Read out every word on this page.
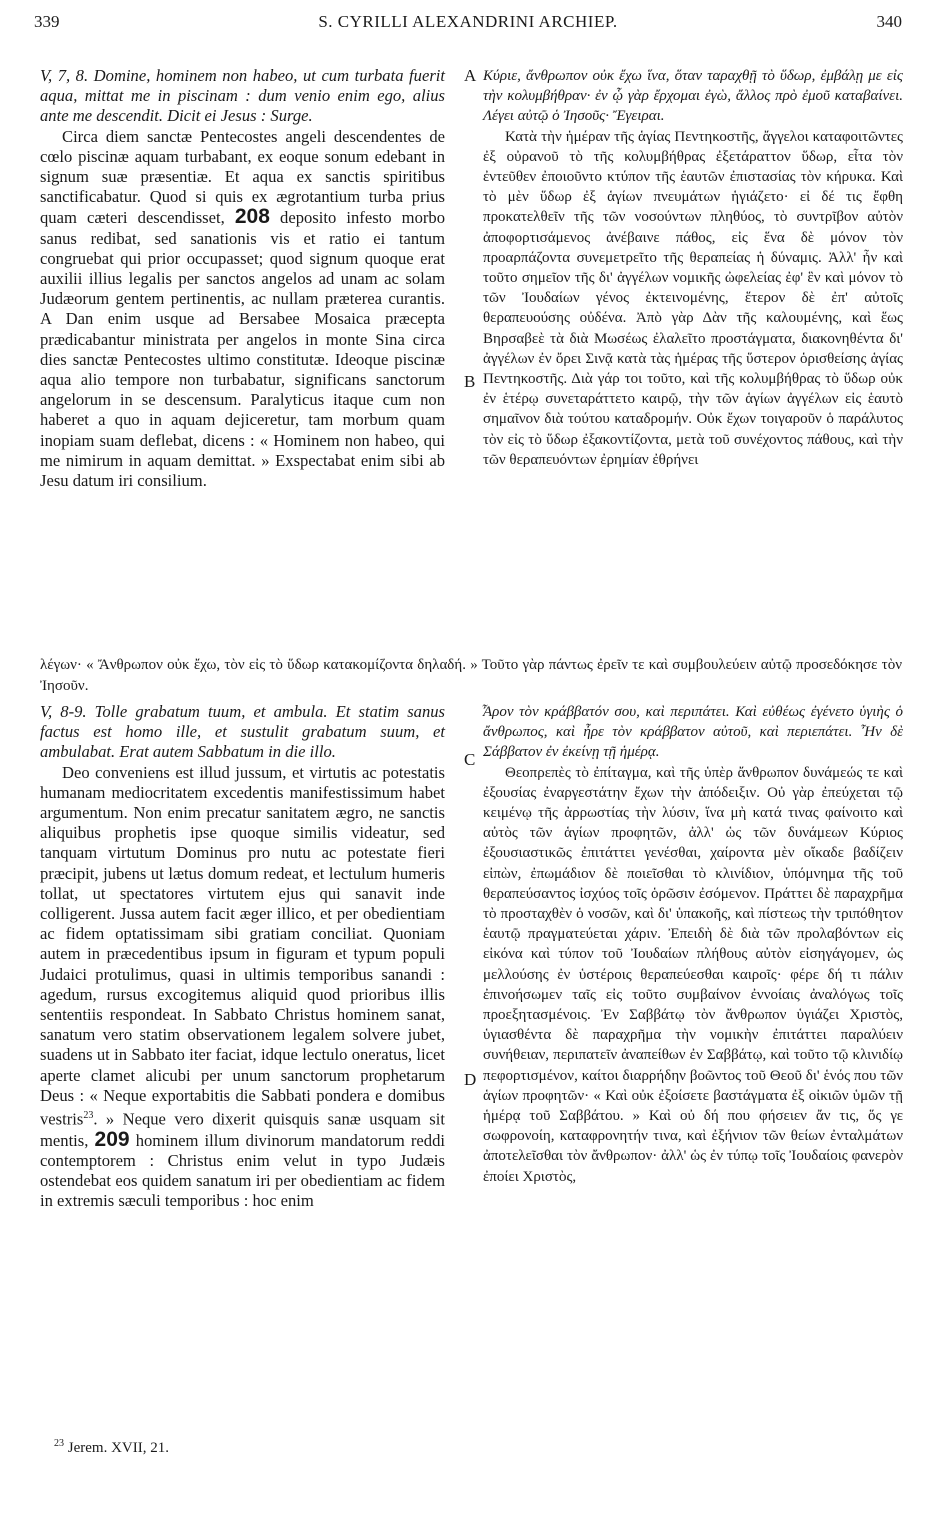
339	S. CYRILLI ALEXANDRINI ARCHIEP.	340
A
B
C
D

V, 7, 8. Domine, hominem non habeo, ut cum turbata fuerit aqua, mittat me in piscinam : dum venio enim ego, alius ante me descendit. Dicit ei Jesus : Surge.

Circa diem sanctæ Pentecostes angeli descendentes de cœlo piscinæ aquam turbabant, ex eoque sonum edebant in signum suæ præsentiæ. Et aqua ex sanctis spiritibus sanctificabatur. Quod si quis ex ægrotantium turba prius quam cæteri descendisset, 208 deposito infesto morbo sanus redibat, sed sanationis vis et ratio ei tantum congruebat qui prior occupasset; quod signum quoque erat auxilii illius legalis per sanctos angelos ad unam ac solam Judæorum gentem pertinentis, ac nullam præterea curantis. A Dan enim usque ad Bersabee Mosaica præcepta prædicabantur ministrata per angelos in monte Sina circa dies sanctæ Pentecostes ultimo constitutæ. Ideoque piscinæ aqua alio tempore non turbabatur, significans sanctorum angelorum in se descensum. Paralyticus itaque cum non haberet a quo in aquam dejiceretur, tam morbum quam inopiam suam deflebat, dicens : « Hominem non habeo, qui me nimirum in aquam demittat. » Exspectabat enim sibi ab Jesu datum iri consilium.

Κύριε, ἄνθρωπον οὐκ ἔχω ἵνα, ὅταν ταραχθῇ τὸ ὕδωρ, ἐμβάλῃ με εἰς τὴν κολυμβήθραν· ἐν ᾧ γὰρ ἔρχομαι ἐγὼ, ἄλλος πρὸ ἐμοῦ καταβαίνει. Λέγει αὐτῷ ὁ Ἰησοῦς· Ἔγειραι.

Κατὰ τὴν ἡμέραν τῆς ἁγίας Πεντηκοστῆς, ἄγγελοι καταφοιτῶντες ἐξ οὐρανοῦ τὸ τῆς κολυμβήθρας ἐξετάραττον ὕδωρ, εἶτα τὸν ἐντεῦθεν ἐποιοῦντο κτύπον τῆς ἑαυτῶν ἐπιστασίας τὸν κήρυκα. Καὶ τὸ μὲν ὕδωρ ἐξ ἁγίων πνευμάτων ἡγιάζετο· εἰ δέ τις ἔφθη προκατελθεῖν τῆς τῶν νοσούντων πληθύος, τὸ συντρῖβον αὐτὸν ἀποφορτισάμενος ἀνέβαινε πάθος, εἰς ἕνα δὲ μόνον τὸν προαρπάζοντα συνεμετρεῖτο τῆς θεραπείας ἡ δύναμις. Ἀλλ' ἦν καὶ τοῦτο σημεῖον τῆς δι' ἀγγέλων νομικῆς ὠφελείας ἐφ' ἓν καὶ μόνον τὸ τῶν Ἰουδαίων γένος ἐκτεινομένης, ἕτερον δὲ ἐπ' αὐτοῖς θεραπευούσης οὐδένα. Ἀπὸ γὰρ Δὰν τῆς καλουμένης, καὶ ἕως Βηρσαβεὲ τὰ διὰ Μωσέως ἐλαλεῖτο προστάγματα, διακονηθέντα δι' ἀγγέλων ἐν ὄρει Σινᾷ κατὰ τὰς ἡμέρας τῆς ὕστερον ὁρισθείσης ἁγίας Πεντηκοστῆς. Διὰ γάρ τοι τοῦτο, καὶ τῆς κολυμβήθρας τὸ ὕδωρ οὐκ ἐν ἑτέρῳ συνεταράττετο καιρῷ, τὴν τῶν ἁγίων ἀγγέλων εἰς ἑαυτὸ σημαῖνον διὰ τούτου καταδρομήν. Οὐκ ἔχων τοιγαροῦν ὁ παράλυτος τὸν εἰς τὸ ὕδωρ ἐξακοντίζοντα, μετὰ τοῦ συνέχοντος πάθους, καὶ τὴν τῶν θεραπευόντων ἐρημίαν ἐθρήνει

λέγων· « Ἄνθρωπον οὐκ ἔχω, τὸν εἰς τὸ ὕδωρ κατακομίζοντα δηλαδή. » Τοῦτο γὰρ πάντως ἐρεῖν τε καὶ συμβουλεύειν αὐτῷ προσεδόκησε τὸν Ἰησοῦν.

V, 8-9. Tolle grabatum tuum, et ambula. Et statim sanus factus est homo ille, et sustulit grabatum suum, et ambulabat. Erat autem Sabbatum in die illo.

Deo conveniens est illud jussum, et virtutis ac potestatis humanam mediocritatem excedentis manifestissimum habet argumentum. Non enim precatur sanitatem ægro, ne sanctis aliquibus prophetis ipse quoque similis videatur, sed tanquam virtutum Dominus pro nutu ac potestate fieri præcipit, jubens ut lætus domum redeat, et lectulum humeris tollat, ut spectatores virtutem ejus qui sanavit inde colligerent. Jussa autem facit æger illico, et per obedientiam ac fidem optatissimam sibi gratiam conciliat. Quoniam autem in præcedentibus ipsum in figuram et typum populi Judaici protulimus, quasi in ultimis temporibus sanandi : agedum, rursus excogitemus aliquid quod prioribus illis sententiis respondeat. In Sabbato Christus hominem sanat, sanatum vero statim observationem legalem solvere jubet, suadens ut in Sabbato iter faciat, idque lectulo oneratus, licet aperte clamet alicubi per unum sanctorum prophetarum Deus : « Neque exportabitis die Sabbati pondera e domibus vestris$^{23}$. » Neque vero dixerit quisquis sanæ usquam sit mentis, 209 hominem illum divinorum mandatorum reddi contemptorem : Christus enim velut in typo Judæis ostendebat eos quidem sanatum iri per obedientiam ac fidem in extremis sæculi temporibus : hoc enim

Ἆρον τὸν κράββατόν σου, καὶ περιπάτει. Καὶ εὐθέως ἐγένετο ὑγιὴς ὁ ἄνθρωπος, καὶ ἦρε τὸν κράββατον αὐτοῦ, καὶ περιεπάτει. Ἦν δὲ Σάββατον ἐν ἐκείνῃ τῇ ἡμέρᾳ.

Θεοπρεπὲς τὸ ἐπίταγμα, καὶ τῆς ὑπὲρ ἄνθρωπον δυνάμεώς τε καὶ ἐξουσίας ἐναργεστάτην ἔχων τὴν ἀπόδειξιν. Οὐ γὰρ ἐπεύχεται τῷ κειμένῳ τῆς ἀρρωστίας τὴν λύσιν, ἵνα μὴ κατά τινας φαίνοιτο καὶ αὐτὸς τῶν ἁγίων προφητῶν, ἀλλ' ὡς τῶν δυνάμεων Κύριος ἐξουσιαστικῶς ἐπιτάττει γενέσθαι, χαίροντα μὲν οἴκαδε βαδίζειν εἰπὼν, ἐπωμάδιον δὲ ποιεῖσθαι τὸ κλινίδιον, ὑπόμνημα τῆς τοῦ θεραπεύσαντος ἰσχύος τοῖς ὁρῶσιν ἐσόμενον. Πράττει δὲ παραχρῆμα τὸ προσταχθὲν ὁ νοσῶν, καὶ δι' ὑπακοῆς, καὶ πίστεως τὴν τριπόθητον ἑαυτῷ πραγματεύεται χάριν. Ἐπειδὴ δὲ διὰ τῶν προλαβόντων εἰς εἰκόνα καὶ τύπον τοῦ Ἰουδαίων πλήθους αὐτὸν εἰσηγάγομεν, ὡς μελλούσης ἐν ὑστέροις θεραπεύεσθαι καιροῖς· φέρε δή τι πάλιν ἐπινοήσωμεν ταῖς εἰς τοῦτο συμβαίνον ἐννοίαις ἀναλόγως τοῖς προεξητασμένοις. Ἐν Σαββάτῳ τὸν ἄνθρωπον ὑγιάζει Χριστὸς, ὑγιασθέντα δὲ παραχρῆμα τὴν νομικὴν ἐπιτάττει παραλύειν συνήθειαν, περιπατεῖν ἀναπείθων ἐν Σαββάτῳ, καὶ τοῦτο τῷ κλινιδίῳ πεφορτισμένον, καίτοι διαρρήδην βοῶντος τοῦ Θεοῦ δι' ἑνός που τῶν ἁγίων προφητῶν· « Καὶ οὐκ ἐξοίσετε βαστάγματα ἐξ οἰκιῶν ὑμῶν τῇ ἡμέρᾳ τοῦ Σαββάτου. » Καὶ οὐ δή που φήσειεν ἄν τις, ὅς γε σωφρονοίη, καταφρονητήν τινα, καὶ ἐξήνιον τῶν θείων ἐνταλμάτων ἀποτελεῖσθαι τὸν ἄνθρωπον· ἀλλ' ὡς ἐν τύπῳ τοῖς Ἰουδαίοις φανερὸν ἐποίει Χριστὸς,

$^{23}$ Jerem. XVII, 21.
